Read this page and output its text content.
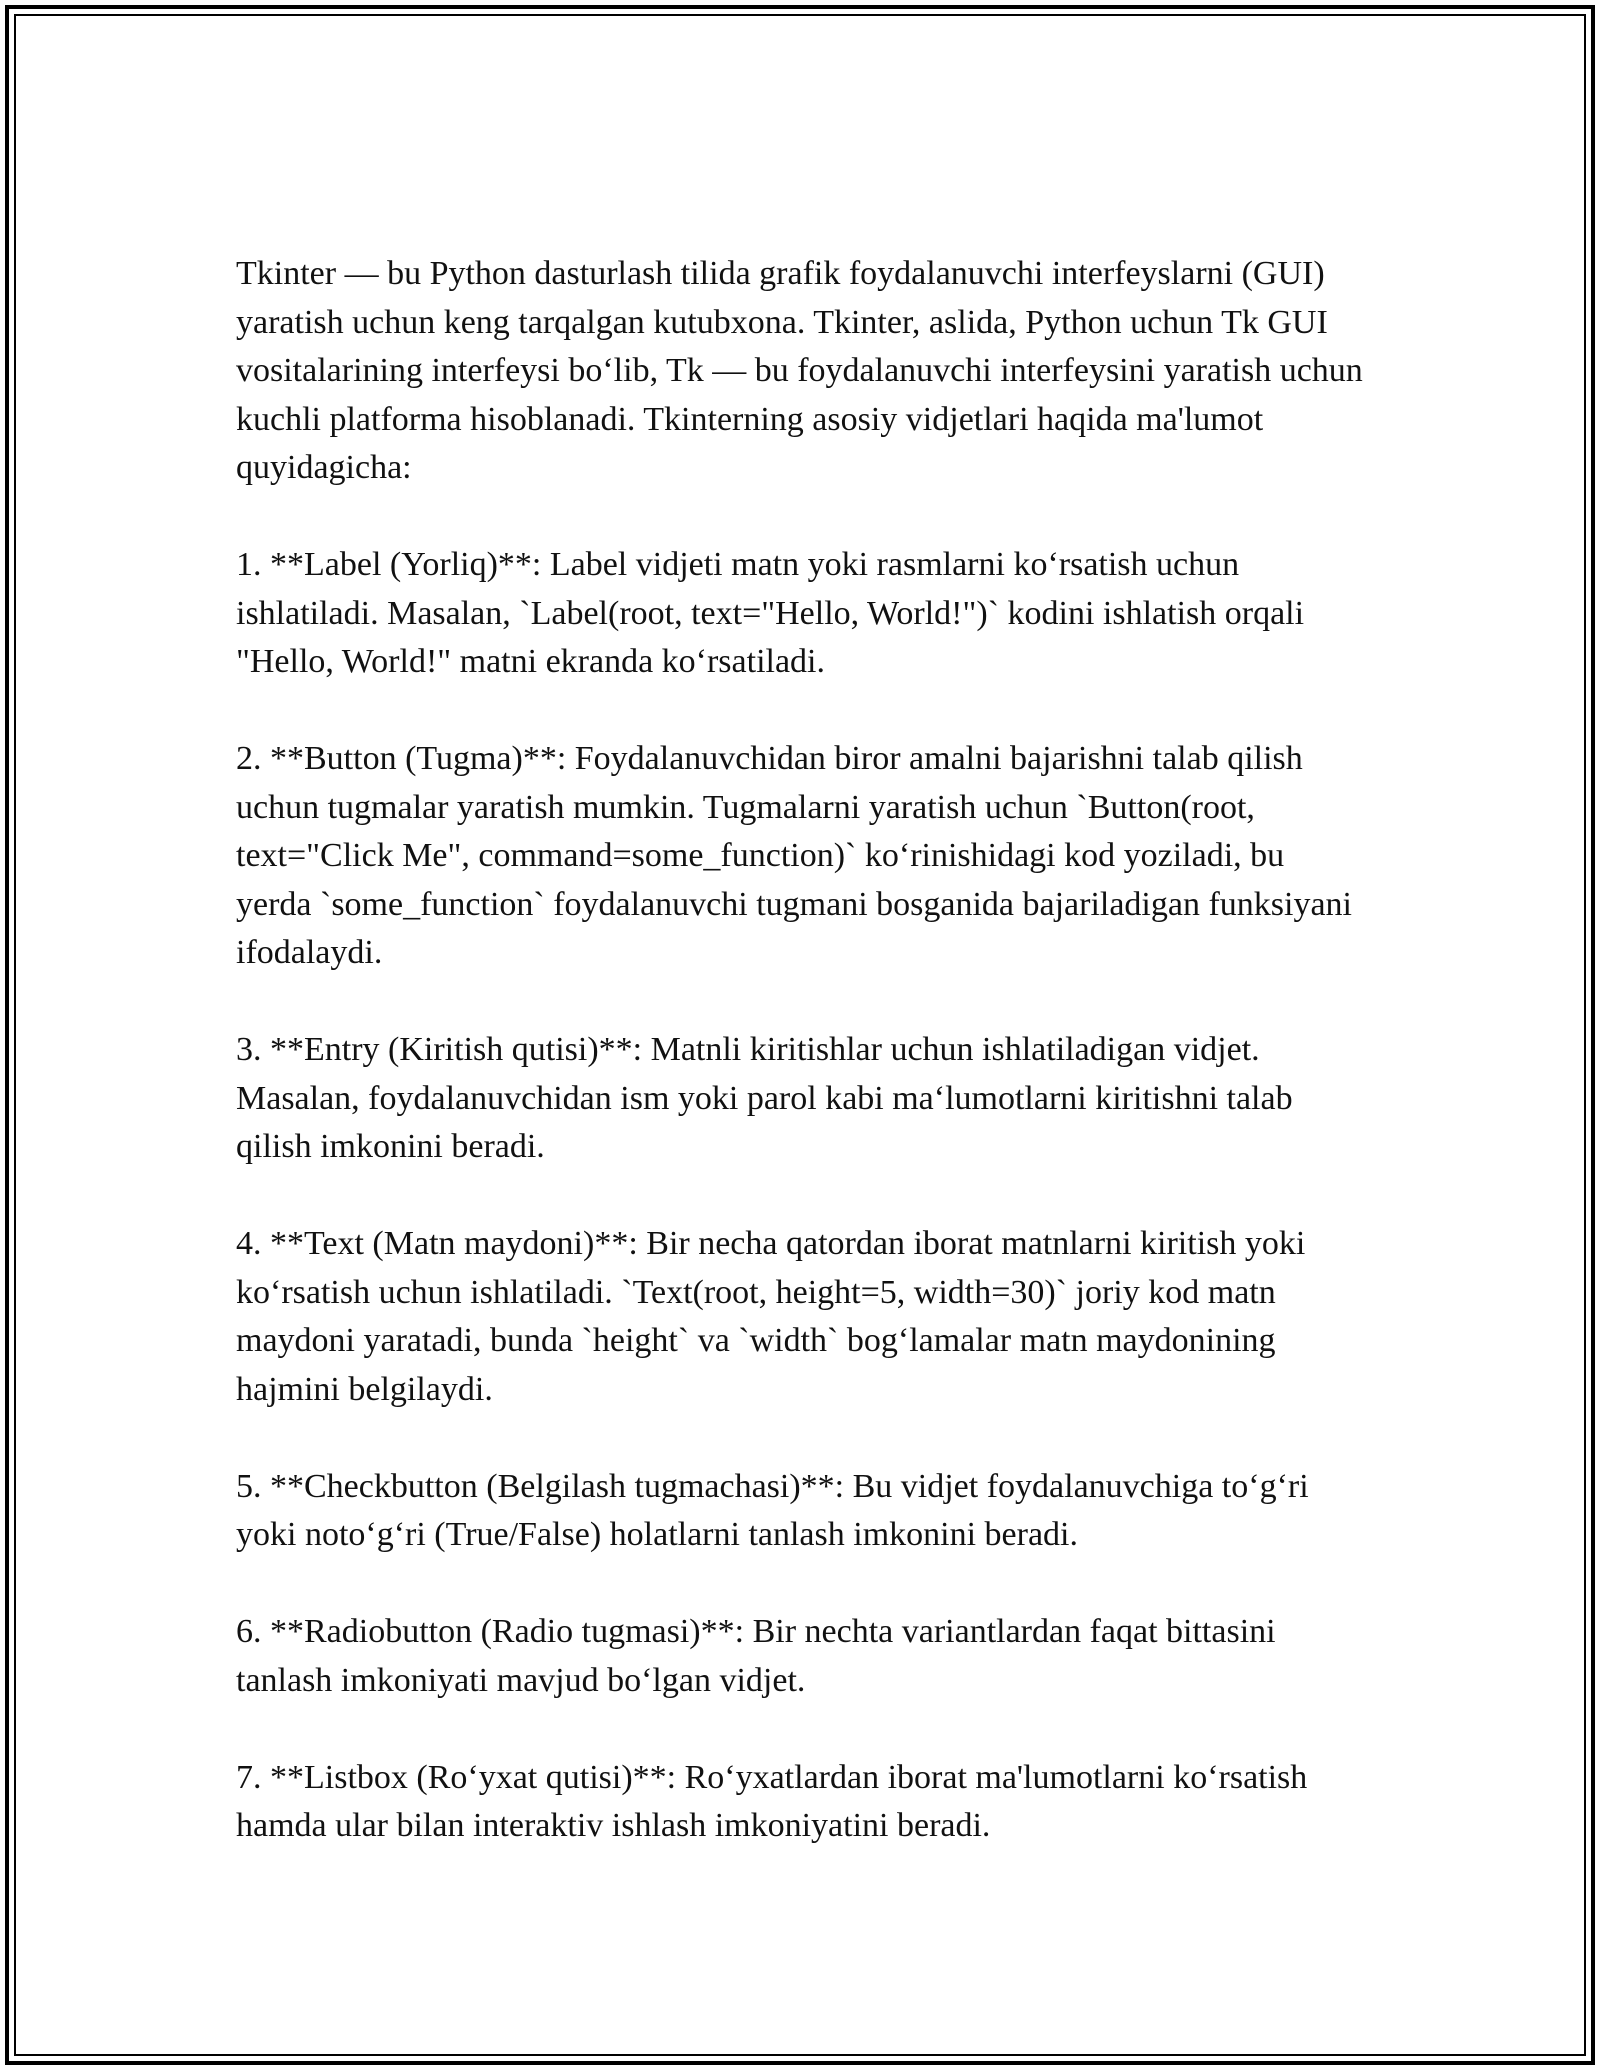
Tkinter — bu Python dasturlash tilida grafik foydalanuvchi interfeyslarni (GUI) yaratish uchun keng tarqalgan kutubxona. Tkinter, aslida, Python uchun Tk GUI vositalarining interfeysi bo‘lib, Tk — bu foydalanuvchi interfeysini yaratish uchun kuchli platforma hisoblanadi. Tkinterning asosiy vidjetlari haqida ma'lumot quyidagicha:

1. **Label (Yorliq)**: Label vidjeti matn yoki rasmlarni ko‘rsatish uchun ishlatiladi. Masalan, `Label(root, text="Hello, World!")` kodini ishlatish orqali "Hello, World!" matni ekranda ko‘rsatiladi.

2. **Button (Tugma)**: Foydalanuvchidan biror amalni bajarishni talab qilish uchun tugmalar yaratish mumkin. Tugmalarni yaratish uchun `Button(root, text="Click Me", command=some_function)` ko‘rinishidagi kod yoziladi, bu yerda `some_function` foydalanuvchi tugmani bosganida bajariladigan funksiyani ifodalaydi.

3. **Entry (Kiritish qutisi)**: Matnli kiritishlar uchun ishlatiladigan vidjet. Masalan, foydalanuvchidan ism yoki parol kabi ma‘lumotlarni kiritishni talab qilish imkonini beradi.

4. **Text (Matn maydoni)**: Bir necha qatordan iborat matnlarni kiritish yoki ko‘rsatish uchun ishlatiladi. `Text(root, height=5, width=30)` joriy kod matn maydoni yaratadi, bunda `height` va `width` bog‘lamalar matn maydonining hajmini belgilaydi.

5. **Checkbutton (Belgilash tugmachasi)**: Bu vidjet foydalanuvchiga to‘g‘ri yoki noto‘g‘ri (True/False) holatlarni tanlash imkonini beradi.

6. **Radiobutton (Radio tugmasi)**: Bir nechta variantlardan faqat bittasini tanlash imkoniyati mavjud bo‘lgan vidjet.

7. **Listbox (Ro‘yxat qutisi)**: Ro‘yxatlardan iborat ma'lumotlarni ko‘rsatish hamda ular bilan interaktiv ishlash imkoniyatini beradi.
